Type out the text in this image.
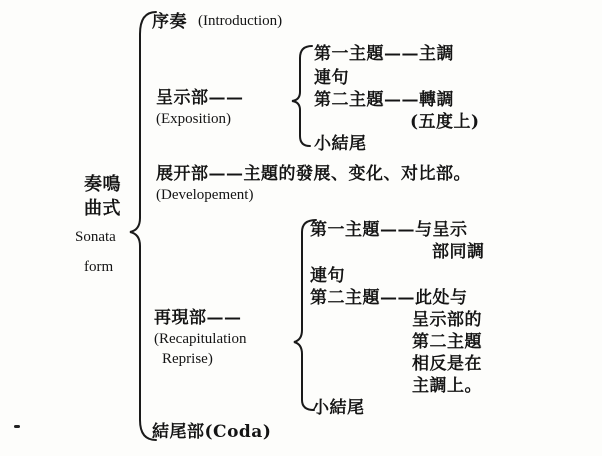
奏鳴
曲式
Sonata
form
序奏 (Introduction)
呈示部——
(Exposition)
第一主題——主調
連句
第二主題——轉調
(五度上)
小結尾
展开部——主題的發展、变化、对比部。
(Developement)
再現部——
(Recapitulation
Reprise)
第一主題——与呈示
部同調
連句
第二主題——此处与
呈示部的
第二主題
相反是在
主調上。
小結尾
結尾部(Coda)
